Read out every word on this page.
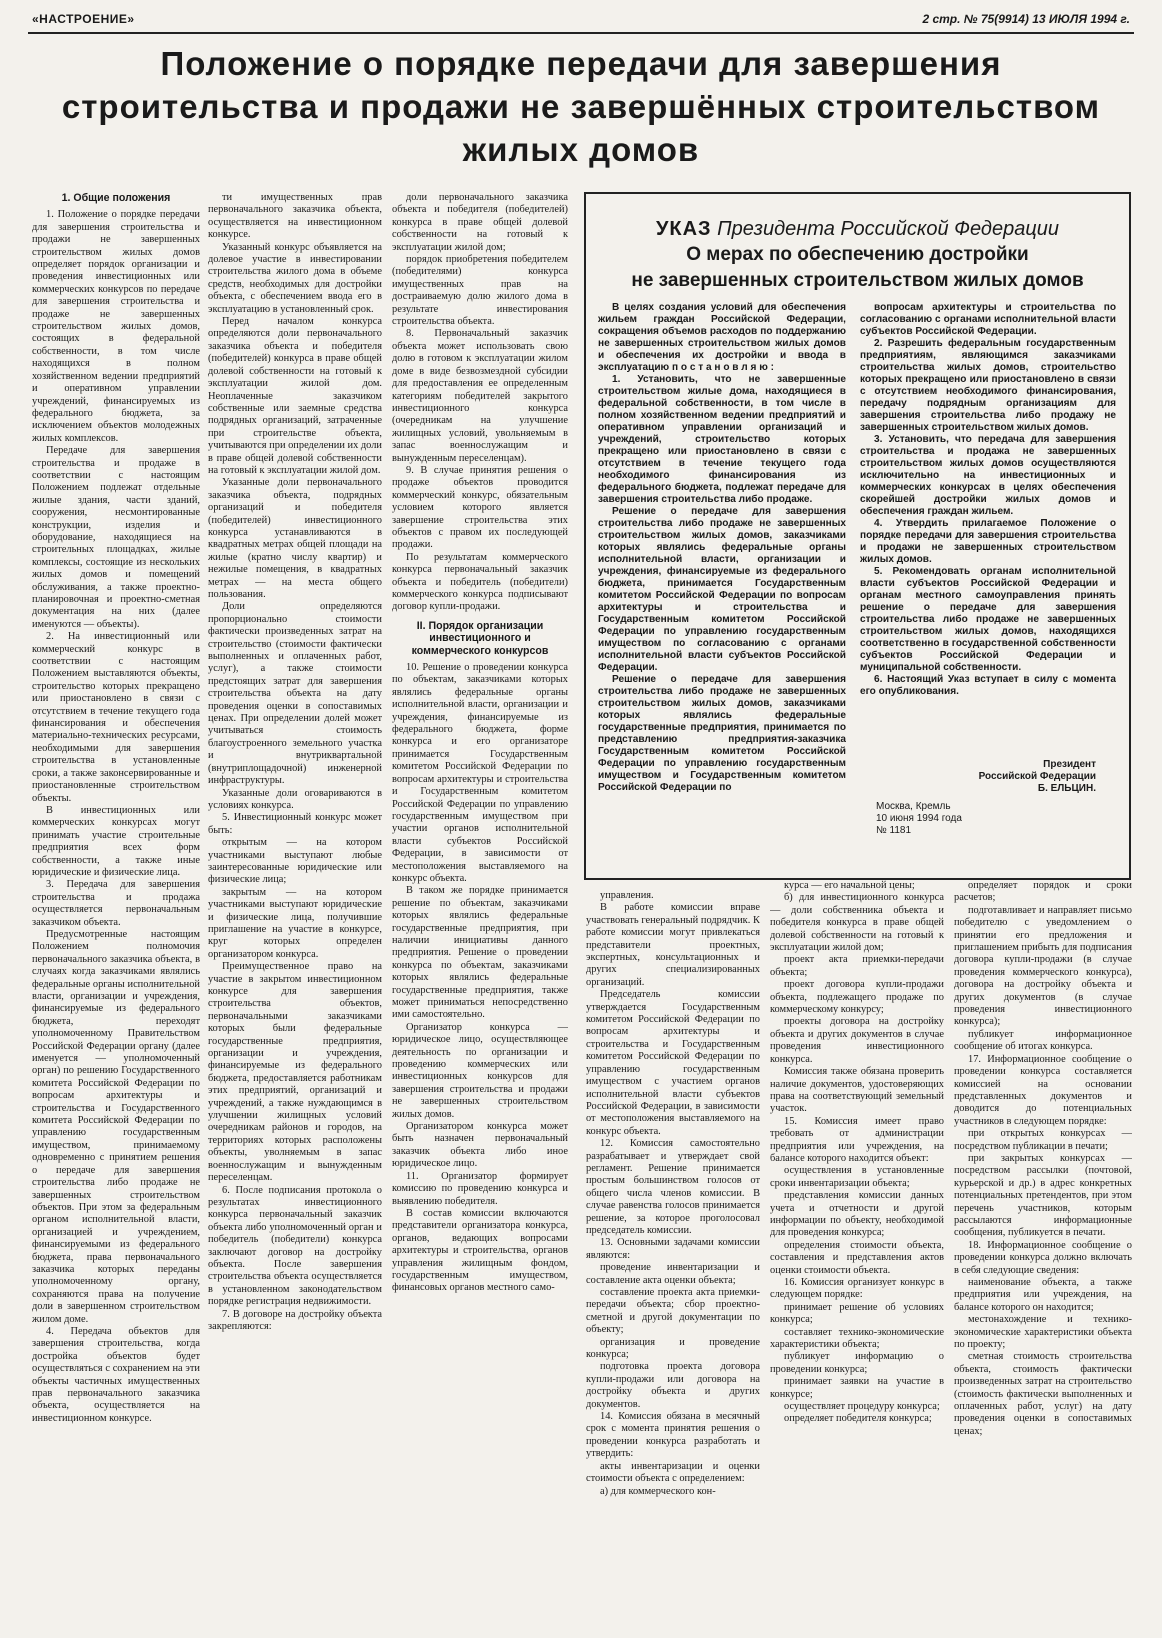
«НАСТРОЕНИЕ»	2 стр. № 75(9914) 13 ИЮЛЯ 1994 г.
Положение о порядке передачи для завершения строительства и продажи не завершённых строительством жилых домов
1. Общие положения

1. Положение о порядке передачи для завершения строительства и продажи не завершенных строительством жилых домов определяет порядок организации и проведения инвестиционных или коммерческих конкурсов по передаче для завершения строительства и продаже не завершенных строительством жилых домов, состоящих в федеральной собственности, в том числе находящихся в полном хозяйственном ведении предприятий и оперативном управлении учреждений, финансируемых из федерального бюджета, за исключением объектов молодежных жилых комплексов.

Передаче для завершения строительства и продаже в соответствии с настоящим Положением подлежат отдельные жилые здания, части зданий, сооружения, несмонтированные конструкции, изделия и оборудование, находящиеся на строительных площадках, жилые комплексы, состоящие из нескольких жилых домов и помещений обслуживания, а также проектно-планировочная и проектно-сметная документация на них (далее именуются — объекты).

2. На инвестиционный или коммерческий конкурс в соответствии с настоящим Положением выставляются объекты, строительство которых прекращено или приостановлено в связи с отсутствием в течение текущего года финансирования и обеспечения материально-технических ресурсами, необходимыми для завершения строительства в установленные сроки, а также законсервированные и приостановленные строительством объекты.

В инвестиционных или коммерческих конкурсах могут принимать участие строительные предприятия всех форм собственности, а также иные юридические и физические лица.

3. Передача для завершения строительства и продажа осуществляется первоначальным заказчиком объекта.

Предусмотренные настоящим Положением полномочия первоначального заказчика объекта, в случаях когда заказчиками являлись федеральные органы исполнительной власти, организации и учреждения, финансируемые из федерального бюджета, переходят уполномоченному Правительством Российской Федерации органу (далее именуется — уполномоченный орган) по решению Государственного комитета Российской Федерации по вопросам архитектуры и строительства и Государственного комитета Российской Федерации по управлению государственным имуществом, принимаемому одновременно с принятием решения о передаче для завершения строительства либо продаже не завершенных строительством объектов. При этом за федеральным органом исполнительной власти, организацией и учреждением, финансируемыми из федерального бюджета, права первоначального заказчика которых переданы уполномоченному органу, сохраняются права на получение доли в завершенном строительством жилом доме.

4. Передача объектов для завершения строительства, когда достройка объектов будет осуществляться с сохранением на эти объекты частичных имущественных прав первоначального заказчика объекта, осуществляется на инвестиционном конкурсе.

ти имущественных прав первоначального заказчика объекта, осуществляется на инвестиционном конкурсе.

Указанный конкурс объявляется на долевое участие в инвестировании строительства жилого дома в объеме средств, необходимых для достройки объекта, с обеспечением ввода его в эксплуатацию в установленный срок.

Перед началом конкурса определяются доли первоначального заказчика объекта и победителя (победителей) конкурса в праве общей долевой собственности на готовый к эксплуатации жилой дом. Неоплаченные заказчиком собственные или заемные средства подрядных организаций, затраченные при строительстве объекта, учитываются при определении их доли в праве общей долевой собственности на готовый к эксплуатации жилой дом.

Указанные доли первоначального заказчика объекта, подрядных организаций и победителя (победителей) инвестиционного конкурса устанавливаются в квадратных метрах общей площади на жилые (кратно числу квартир) и нежилые помещения, в квадратных метрах — на места общего пользования.

Доли определяются пропорционально стоимости фактически произведенных затрат на строительство (стоимости фактически выполненных и оплаченных работ, услуг), а также стоимости предстоящих затрат для завершения строительства объекта на дату проведения оценки в сопоставимых ценах. При определении долей может учитываться стоимость благоустроенного земельного участка и внутриквартальной (внутриплощадочной) инженерной инфраструктуры.

Указанные доли оговариваются в условиях конкурса.

5. Инвестиционный конкурс может быть:

открытым — на котором участниками выступают любые заинтересованные юридические или физические лица;

закрытым — на котором участниками выступают юридические и физические лица, получившие приглашение на участие в конкурсе, круг которых определен организатором конкурса.

Преимущественное право на участие в закрытом инвестиционном конкурсе для завершения строительства объектов, первоначальными заказчиками которых были федеральные государственные предприятия, организации и учреждения, финансируемые из федерального бюджета, предоставляется работникам этих предприятий, организаций и учреждений, а также нуждающимся в улучшении жилищных условий очередникам районов и городов, на территориях которых расположены объекты, уволняемым в запас военнослужащим и вынужденным переселенцам.

6. После подписания протокола о результатах инвестиционного конкурса первоначальный заказчик объекта либо уполномоченный орган и победитель (победители) конкурса заключают договор на достройку объекта. После завершения строительства объекта осуществляется в установленном законодательством порядке регистрация недвижимости.

7. В договоре на достройку объекта закрепляются:

доли первоначального заказчика объекта и победителя (победителей) конкурса в праве общей долевой собственности на готовый к эксплуатации жилой дом;

порядок приобретения победителем (победителями) конкурса имущественных прав на достраиваемую долю жилого дома в результате инвестирования строительства объекта.

8. Первоначальный заказчик объекта может использовать свою долю в готовом к эксплуатации жилом доме в виде безвозмездной субсидии для предоставления ее определенным категориям победителей закрытого инвестиционного конкурса (очередникам на улучшение жилищных условий, увольняемым в запас военнослужащим и вынужденным переселенцам).

9. В случае принятия решения о продаже объектов проводится коммерческий конкурс, обязательным условием которого является завершение строительства этих объектов с правом их последующей продажи.

По результатам коммерческого конкурса первоначальный заказчик объекта и победитель (победители) коммерческого конкурса подписывают договор купли-продажи.

II. Порядок организации инвестиционного и коммерческого конкурсов

10. Решение о проведении конкурса по объектам, заказчиками которых являлись федеральные органы исполнительной власти, организации и учреждения, финансируемые из федерального бюджета, форме конкурса и его организаторе принимается Государственным комитетом Российской Федерации по вопросам архитектуры и строительства и Государственным комитетом Российской Федерации по управлению государственным имуществом при участии органов исполнительной власти субъектов Российской Федерации, в зависимости от местоположения выставляемого на конкурс объекта.

В таком же порядке принимается решение по объектам, заказчиками которых являлись федеральные государственные предприятия, при наличии инициативы данного предприятия. Решение о проведении конкурса по объектам, заказчиками которых являлись федеральные государственные предприятия, также может приниматься непосредственно ими самостоятельно.

Организатор конкурса — юридическое лицо, осуществляющее деятельность по организации и проведению коммерческих или инвестиционных конкурсов для завершения строительства и продажи не завершенных строительством жилых домов.

Организатором конкурса может быть назначен первоначальный заказчик объекта либо иное юридическое лицо.

11. Организатор формирует комиссию по проведению конкурса и выявлению победителя.

В состав комиссии включаются представители организатора конкурса, органов, ведающих вопросами архитектуры и строительства, органов управления жилищным фондом, государственным имуществом, финансовых органов местного само-

УКАЗ Президента Российской Федерации
О мерах по обеспечению достройки
не завершенных строительством жилых домов

В целях создания условий для обеспечения жильем граждан Российской Федерации, сокращения объемов расходов по поддержанию не завершенных строительством жилых домов и обеспечения их достройки и ввода в эксплуатацию п о с т а н о в л я ю :

1. Установить, что не завершенные строительством жилые дома, находящиеся в федеральной собственности, в том числе в полном хозяйственном ведении предприятий и оперативном управлении организаций и учреждений, строительство которых прекращено или приостановлено в связи с отсутствием в течение текущего года необходимого финансирования из федерального бюджета, подлежат передаче для завершения строительства либо продаже.

Решение о передаче для завершения строительства либо продаже не завершенных строительством жилых домов, заказчиками которых являлись федеральные органы исполнительной власти, организации и учреждения, финансируемые из федерального бюджета, принимается Государственным комитетом Российской Федерации по вопросам архитектуры и строительства и Государственным комитетом Российской Федерации по управлению государственным имуществом по согласованию с органами исполнительной власти субъектов Российской Федерации.

Решение о передаче для завершения строительства либо продаже не завершенных строительством жилых домов, заказчиками которых являлись федеральные государственные предприятия, принимается по представлению предприятия-заказчика Государственным комитетом Российской Федерации по управлению государственным имуществом и Государственным комитетом Российской Федерации по

вопросам архитектуры и строительства по согласованию с органами исполнительной власти субъектов Российской Федерации.

2. Разрешить федеральным государственным предприятиям, являющимся заказчиками строительства жилых домов, строительство которых прекращено или приостановлено в связи с отсутствием необходимого финансирования, передачу подрядным организациям для завершения строительства либо продажу не завершенных строительством жилых домов.

3. Установить, что передача для завершения строительства и продажа не завершенных строительством жилых домов осуществляются исключительно на инвестиционных и коммерческих конкурсах в целях обеспечения скорейшей достройки жилых домов и обеспечения граждан жильем.

4. Утвердить прилагаемое Положение о порядке передачи для завершения строительства и продажи не завершенных строительством жилых домов.

5. Рекомендовать органам исполнительной власти субъектов Российской Федерации и органам местного самоуправления принять решение о передаче для завершения строительства либо продаже не завершенных строительством жилых домов, находящихся соответственно в государственной собственности субъектов Российской Федерации и муниципальной собственности.

6. Настоящий Указ вступает в силу с момента его опубликования.

Президент
Российской Федерации
Б. ЕЛЬЦИН.
Москва, Кремль
10 июня 1994 года
№ 1181

управления.

В работе комиссии вправе участвовать генеральный подрядчик. К работе комиссии могут привлекаться представители проектных, экспертных, консультационных и других специализированных организаций.

Председатель комиссии утверждается Государственным комитетом Российской Федерации по вопросам архитектуры и строительства и Государственным комитетом Российской Федерации по управлению государственным имуществом с участием органов исполнительной власти субъектов Российской Федерации, в зависимости от местоположения выставляемого на конкурс объекта.

12. Комиссия самостоятельно разрабатывает и утверждает свой регламент. Решение принимается простым большинством голосов от общего числа членов комиссии. В случае равенства голосов принимается решение, за которое проголосовал председатель комиссии.

13. Основными задачами комиссии являются:

проведение инвентаризации и составление акта оценки объекта;

составление проекта акта приемки-передачи объекта; сбор проектно-сметной и другой документации по объекту;

организация и проведение конкурса;

подготовка проекта договора купли-продажи или договора на достройку объекта и других документов.

14. Комиссия обязана в месячный срок с момента принятия решения о проведении конкурса разработать и утвердить:

акты инвентаризации и оценки стоимости объекта с определением:

а) для коммерческого кон-

курса — его начальной цены;

б) для инвестиционного конкурса — доли собственника объекта и победителя конкурса в праве общей долевой собственности на готовый к эксплуатации жилой дом;

проект акта приемки-передачи объекта;

проект договора купли-продажи объекта, подлежащего продаже по коммерческому конкурсу;

проекты договора на достройку объекта и других документов в случае проведения инвестиционного конкурса.

Комиссия также обязана проверить наличие документов, удостоверяющих права на соответствующий земельный участок.

15. Комиссия имеет право требовать от администрации предприятия или учреждения, на балансе которого находится объект:

осуществления в установленные сроки инвентаризации объекта;

представления комиссии данных учета и отчетности и другой информации по объекту, необходимой для проведения конкурса;

определения стоимости объекта, составления и представления актов оценки стоимости объекта.

16. Комиссия организует конкурс в следующем порядке:

принимает решение об условиях конкурса;

составляет технико-экономические характеристики объекта;

публикует информацию о проведении конкурса;

принимает заявки на участие в конкурсе;

осуществляет процедуру конкурса;

определяет победителя конкурса;

определяет порядок и сроки расчетов;

подготавливает и направляет письмо победителю с уведомлением о принятии его предложения и приглашением прибыть для подписания договора купли-продажи (в случае проведения коммерческого конкурса), договора на достройку объекта и других документов (в случае проведения инвестиционного конкурса);

публикует информационное сообщение об итогах конкурса.

17. Информационное сообщение о проведении конкурса составляется комиссией на основании представленных документов и доводится до потенциальных участников в следующем порядке:

при открытых конкурсах — посредством публикации в печати;

при закрытых конкурсах — посредством рассылки (почтовой, курьерской и др.) в адрес конкретных потенциальных претендентов, при этом перечень участников, которым рассылаются информационные сообщения, публикуется в печати.

18. Информационное сообщение о проведении конкурса должно включать в себя следующие сведения:

наименование объекта, а также предприятия или учреждения, на балансе которого он находится;

местонахождение и технико-экономические характеристики объекта по проекту;

сметная стоимость строительства объекта, стоимость фактически произведенных затрат на строительство (стоимость фактически выполненных и оплаченных работ, услуг) на дату проведения оценки в сопоставимых ценах;
